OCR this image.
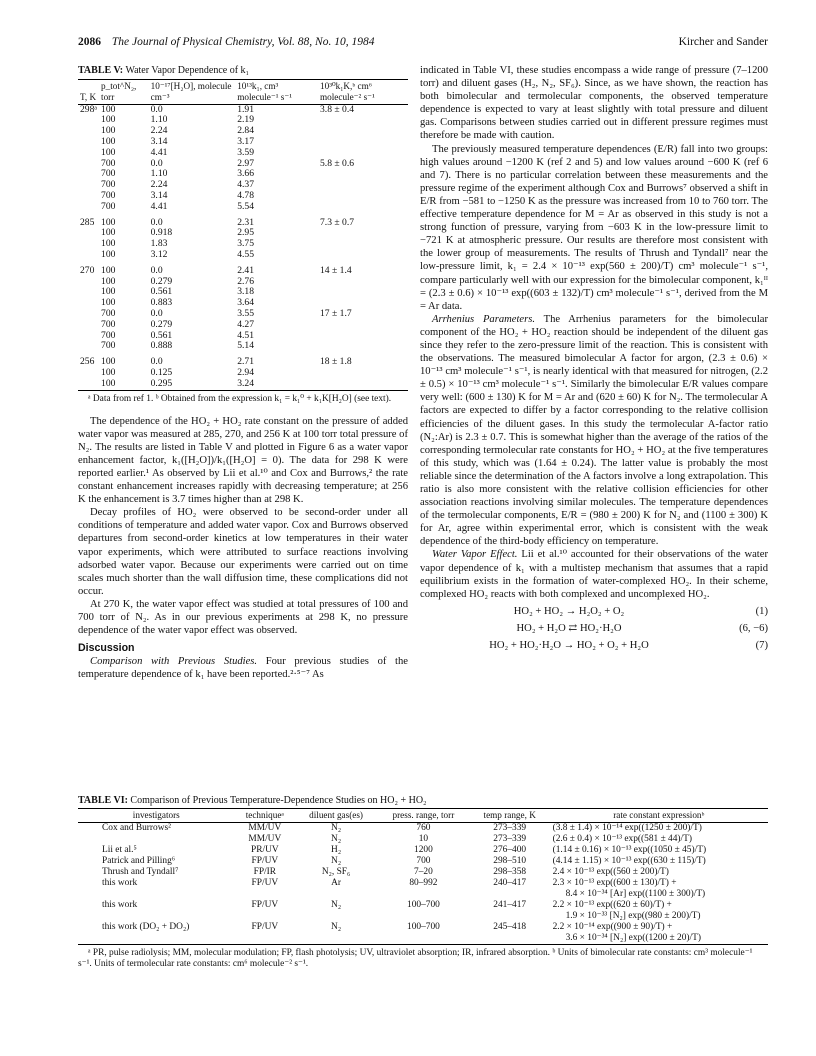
2086 The Journal of Physical Chemistry, Vol. 88, No. 10, 1984	Kircher and Sander
TABLE V: Water Vapor Dependence of k₁
T, K	p_tot^N₂, torr	10⁻¹⁷[H₂O], molecule cm⁻³	10¹³k₁, cm³ molecule⁻¹ s⁻¹	10³⁰k₁K,ᵇ cm⁶ molecule⁻² s⁻¹
298ᵃ	100	0.0	1.91	3.8 ± 0.4
	100	1.10	2.19	
	100	2.24	2.84	
	100	3.14	3.17	
	100	4.41	3.59	
	700	0.0	2.97	5.8 ± 0.6
	700	1.10	3.66	
	700	2.24	4.37	
	700	3.14	4.78	
	700	4.41	5.54	
285	100	0.0	2.31	7.3 ± 0.7
	100	0.918	2.95	
	100	1.83	3.75	
	100	3.12	4.55	
270	100	0.0	2.41	14 ± 1.4
	100	0.279	2.76	
	100	0.561	3.18	
	100	0.883	3.64	
	700	0.0	3.55	17 ± 1.7
	700	0.279	4.27	
	700	0.561	4.51	
	700	0.888	5.14	
256	100	0.0	2.71	18 ± 1.8
	100	0.125	2.94	
	100	0.295	3.24	
ᵃ Data from ref 1. ᵇ Obtained from the expression k₁ = k₁⁰ + k₁K[H₂O] (see text).

The dependence of the HO₂ + HO₂ rate constant on the pressure of added water vapor was measured at 285, 270, and 256 K at 100 torr total pressure of N₂. The results are listed in Table V and plotted in Figure 6 as a water vapor enhancement factor, k₁([H₂O])/k₁([H₂O] = 0). The data for 298 K were reported earlier.¹ As observed by Lii et al.¹⁰ and Cox and Burrows,² the rate constant enhancement increases rapidly with decreasing temperature; at 256 K the enhancement is 3.7 times higher than at 298 K.

Decay profiles of HO₂ were observed to be second-order under all conditions of temperature and added water vapor. Cox and Burrows observed departures from second-order kinetics at low temperatures in their water vapor experiments, which were attributed to surface reactions involving adsorbed water vapor. Because our experiments were carried out on time scales much shorter than the wall diffusion time, these complications did not occur.

At 270 K, the water vapor effect was studied at total pressures of 100 and 700 torr of N₂. As in our previous experiments at 298 K, no pressure dependence of the water vapor effect was observed.

Discussion

Comparison with Previous Studies. Four previous studies of the temperature dependence of k₁ have been reported.²·⁵⁻⁷ As

indicated in Table VI, these studies encompass a wide range of pressure (7–1200 torr) and diluent gases (H₂, N₂, SF₆). Since, as we have shown, the reaction has both bimolecular and termolecular components, the observed temperature dependence is expected to vary at least slightly with total pressure and diluent gas. Comparisons between studies carried out in different pressure regimes must therefore be made with caution.

The previously measured temperature dependences (E/R) fall into two groups: high values around −1200 K (ref 2 and 5) and low values around −600 K (ref 6 and 7). There is no particular correlation between these measurements and the pressure regime of the experiment although Cox and Burrows⁷ observed a shift in E/R from −581 to −1250 K as the pressure was increased from 10 to 760 torr. The effective temperature dependence for M = Ar as observed in this study is not a strong function of pressure, varying from −603 K in the low-pressure limit to −721 K at atmospheric pressure. Our results are therefore most consistent with the lower group of measurements. The results of Thrush and Tyndall⁷ near the low-pressure limit, k₁ = 2.4 × 10⁻¹³ exp(560 ± 200)/T) cm³ molecule⁻¹ s⁻¹, compare particularly well with our expression for the bimolecular component, k₁ᴵᴵ = (2.3 ± 0.6) × 10⁻¹³ exp((603 ± 132)/T) cm³ molecule⁻¹ s⁻¹, derived from the M = Ar data.

Arrhenius Parameters. The Arrhenius parameters for the bimolecular component of the HO₂ + HO₂ reaction should be independent of the diluent gas since they refer to the zero-pressure limit of the reaction. This is consistent with the observations. The measured bimolecular A factor for argon, (2.3 ± 0.6) × 10⁻¹³ cm³ molecule⁻¹ s⁻¹, is nearly identical with that measured for nitrogen, (2.2 ± 0.5) × 10⁻¹³ cm³ molecule⁻¹ s⁻¹. Similarly the bimolecular E/R values compare very well: (600 ± 130) K for M = Ar and (620 ± 60) K for N₂. The termolecular A factors are expected to differ by a factor corresponding to the relative collision efficiencies of the diluent gases. In this study the termolecular A-factor ratio (N₂:Ar) is 2.3 ± 0.7. This is somewhat higher than the average of the ratios of the corresponding termolecular rate constants for HO₂ + HO₂ at the five temperatures of this study, which was (1.64 ± 0.24). The latter value is probably the most reliable since the determination of the A factors involve a long extrapolation. This ratio is also more consistent with the relative collision efficiencies for other association reactions involving similar molecules. The temperature dependences of the termolecular components, E/R = (980 ± 200) K for N₂ and (1100 ± 300) K for Ar, agree within experimental error, which is consistent with the weak dependence of the third-body efficiency on temperature.

Water Vapor Effect. Lii et al.¹⁰ accounted for their observations of the water vapor dependence of k₁ with a multistep mechanism that assumes that a rapid equilibrium exists in the formation of water-complexed HO₂. In their scheme, complexed HO₂ reacts with both complexed and uncomplexed HO₂.

HO₂ + HO₂ → H₂O₂ + O₂	(1)
HO₂ + H₂O ⇄ HO₂·H₂O	(6, −6)
HO₂ + HO₂·H₂O → HO₂ + O₂ + H₂O	(7)
TABLE VI: Comparison of Previous Temperature-Dependence Studies on HO₂ + HO₂
investigators	techniqueᵃ	diluent gas(es)	press. range, torr	temp range, K	rate constant expressionᵇ
Cox and Burrows²	MM/UV	N₂	760	273–339	(3.8 ± 1.4) × 10⁻¹⁴ exp((1250 ± 200)/T)
	MM/UV	N₂	10	273–339	(2.6 ± 0.4) × 10⁻¹³ exp((581 ± 44)/T)
Lii et al.⁵	PR/UV	H₂	1200	276–400	(1.14 ± 0.16) × 10⁻¹³ exp((1050 ± 45)/T)
Patrick and Pilling⁶	FP/UV	N₂	700	298–510	(4.14 ± 1.15) × 10⁻¹³ exp((630 ± 115)/T)
Thrush and Tyndall⁷	FP/IR	N₂, SF₆	7–20	298–358	2.4 × 10⁻¹³ exp((560 ± 200)/T)
this work	FP/UV	Ar	80–992	240–417	2.3 × 10⁻¹³ exp((600 ± 130)/T) +
					8.4 × 10⁻³⁴ [Ar] exp((1100 ± 300)/T)
this work	FP/UV	N₂	100–700	241–417	2.2 × 10⁻¹³ exp((620 ± 60)/T) +
					1.9 × 10⁻³³ [N₂] exp((980 ± 200)/T)
this work (DO₂ + DO₂)	FP/UV	N₂	100–700	245–418	2.2 × 10⁻¹⁴ exp((900 ± 90)/T) +
					3.6 × 10⁻³⁴ [N₂] exp((1200 ± 20)/T)
ᵃ PR, pulse radiolysis; MM, molecular modulation; FP, flash photolysis; UV, ultraviolet absorption; IR, infrared absorption. ᵇ Units of bimolecular rate constants: cm³ molecule⁻¹ s⁻¹. Units of termolecular rate constants: cm⁶ molecule⁻² s⁻¹.
